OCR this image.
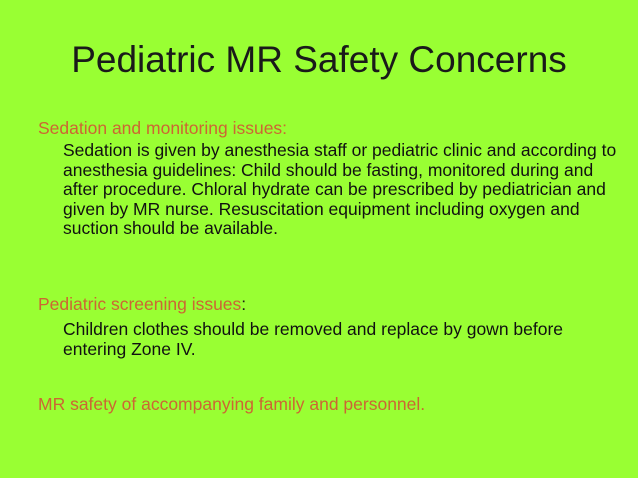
Pediatric MR Safety Concerns

Sedation and monitoring issues:

Sedation is given by anesthesia staff or pediatric clinic and according to anesthesia guidelines: Child should be fasting, monitored during and after procedure. Chloral hydrate can be prescribed by pediatrician and given by MR nurse. Resuscitation equipment including oxygen and suction should be available.

Pediatric screening issues:

Children clothes should be removed and replace by gown before entering Zone IV.

MR safety of accompanying family and personnel.
